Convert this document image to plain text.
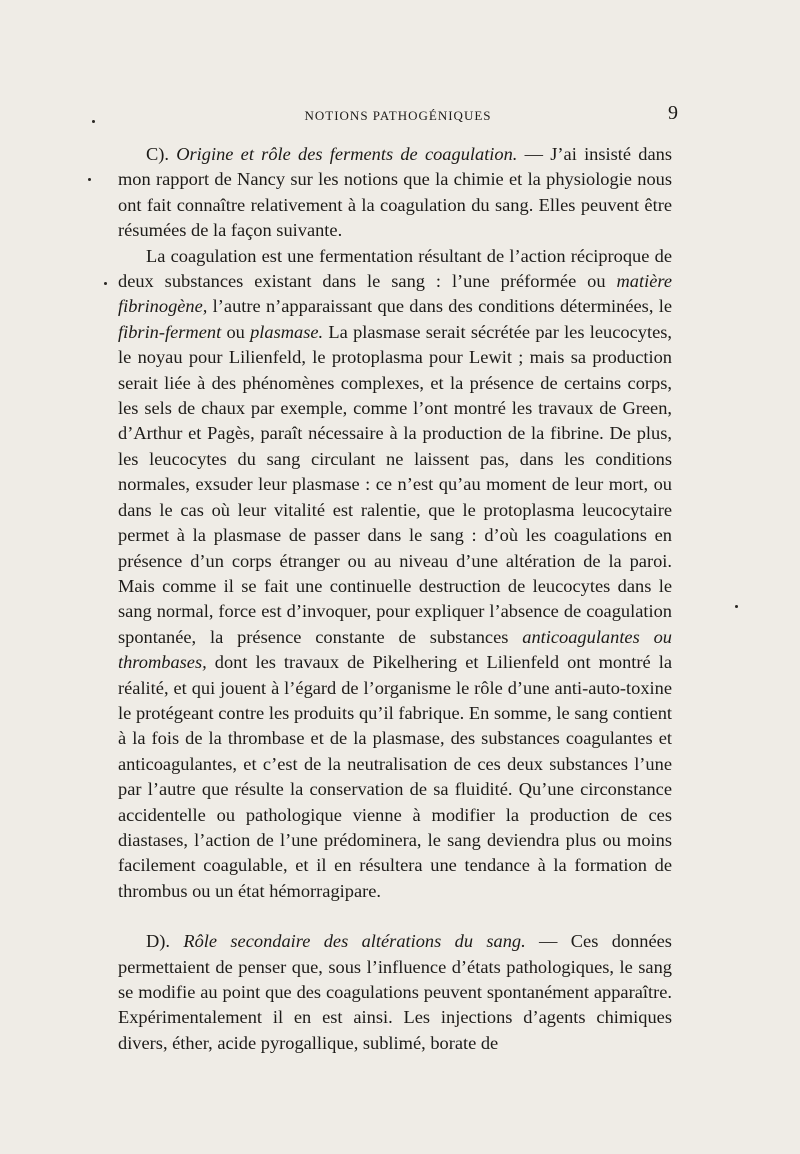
NOTIONS PATHOGÉNIQUES	9

C). Origine et rôle des ferments de coagulation. — J’ai insisté dans mon rapport de Nancy sur les notions que la chimie et la physiologie nous ont fait connaître relativement à la coagulation du sang. Elles peuvent être résumées de la façon suivante.

La coagulation est une fermentation résultant de l’action réciproque de deux substances existant dans le sang : l’une préformée ou matière fibrinogène, l’autre n’apparaissant que dans des conditions déterminées, le fibrin-ferment ou plasmase. La plasmase serait sécrétée par les leucocytes, le noyau pour Lilienfeld, le protoplasma pour Lewit ; mais sa production serait liée à des phénomènes complexes, et la présence de certains corps, les sels de chaux par exemple, comme l’ont montré les travaux de Green, d’Arthur et Pagès, paraît nécessaire à la production de la fibrine. De plus, les leucocytes du sang circulant ne laissent pas, dans les conditions normales, exsuder leur plasmase : ce n’est qu’au moment de leur mort, ou dans le cas où leur vitalité est ralentie, que le protoplasma leucocytaire permet à la plasmase de passer dans le sang : d’où les coagulations en présence d’un corps étranger ou au niveau d’une altération de la paroi. Mais comme il se fait une continuelle destruction de leucocytes dans le sang normal, force est d’invoquer, pour expliquer l’absence de coagulation spontanée, la présence constante de substances anticoagulantes ou thrombases, dont les travaux de Pikelhering et Lilienfeld ont montré la réalité, et qui jouent à l’égard de l’organisme le rôle d’une anti-auto-toxine le protégeant contre les produits qu’il fabrique. En somme, le sang contient à la fois de la thrombase et de la plasmase, des substances coagulantes et anticoagulantes, et c’est de la neutralisation de ces deux substances l’une par l’autre que résulte la conservation de sa fluidité. Qu’une circonstance accidentelle ou pathologique vienne à modifier la production de ces diastases, l’action de l’une prédominera, le sang deviendra plus ou moins facilement coagulable, et il en résultera une tendance à la formation de thrombus ou un état hémorragipare.

D). Rôle secondaire des altérations du sang. — Ces données permettaient de penser que, sous l’influence d’états pathologiques, le sang se modifie au point que des coagulations peuvent spontanément apparaître. Expérimentalement il en est ainsi. Les injections d’agents chimiques divers, éther, acide pyrogallique, sublimé, borate de
